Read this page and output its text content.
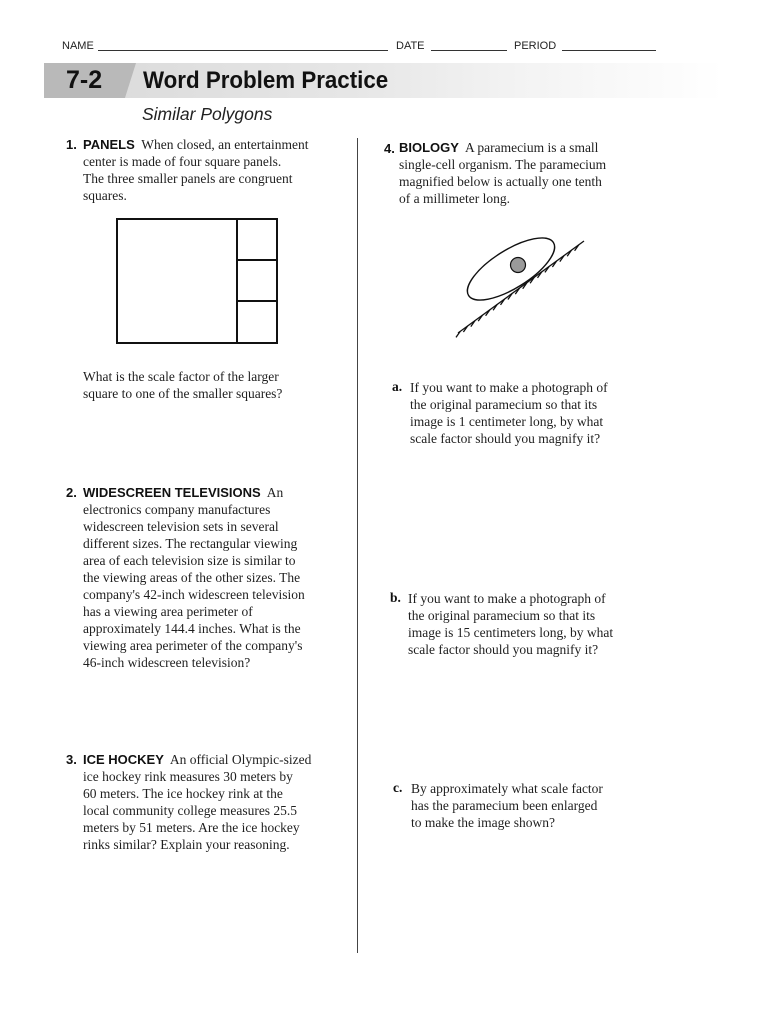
NAME	DATE	PERIOD
7-2 Word Problem Practice
Similar Polygons
1. PANELS When closed, an entertainment
center is made of four square panels.
The three smaller panels are congruent
squares.
What is the scale factor of the larger
square to one of the smaller squares?
2. WIDESCREEN TELEVISIONS An
electronics company manufactures
widescreen television sets in several
different sizes. The rectangular viewing
area of each television size is similar to
the viewing areas of the other sizes. The
company's 42-inch widescreen television
has a viewing area perimeter of
approximately 144.4 inches. What is the
viewing area perimeter of the company's
46-inch widescreen television?
3. ICE HOCKEY An official Olympic-sized
ice hockey rink measures 30 meters by
60 meters. The ice hockey rink at the
local community college measures 25.5
meters by 51 meters. Are the ice hockey
rinks similar? Explain your reasoning.
4. BIOLOGY A paramecium is a small
single-cell organism. The paramecium
magnified below is actually one tenth
of a millimeter long.
a. If you want to make a photograph of
the original paramecium so that its
image is 1 centimeter long, by what
scale factor should you magnify it?
b. If you want to make a photograph of
the original paramecium so that its
image is 15 centimeters long, by what
scale factor should you magnify it?
c. By approximately what scale factor
has the paramecium been enlarged
to make the image shown?
